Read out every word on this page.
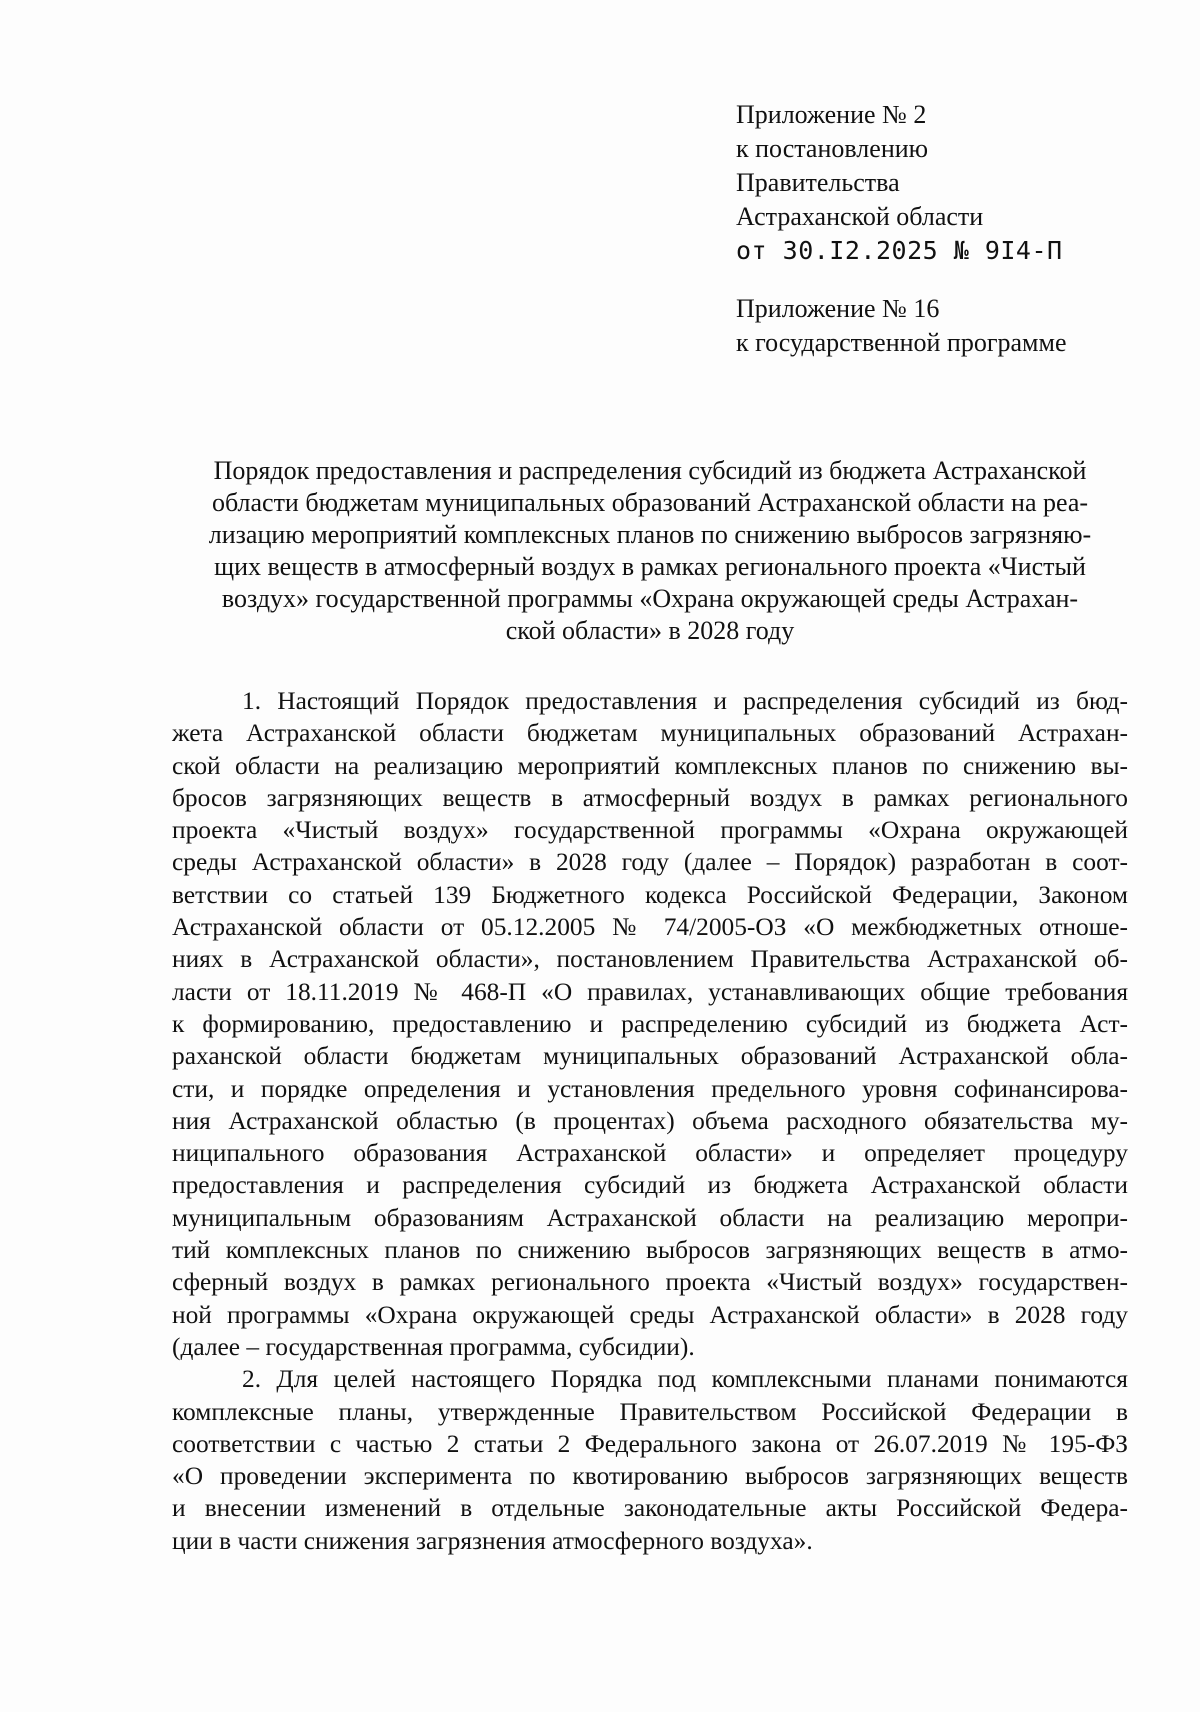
Приложение № 2
к постановлению
Правительства
Астраханской области
от 30.I2.2025 № 9I4-П
Приложение № 16
к государственной программе
Порядок предоставления и распределения субсидий из бюджета Астраханской
области бюджетам муниципальных образований Астраханской области на реа-
лизацию мероприятий комплексных планов по снижению выбросов загрязняю-
щих веществ в атмосферный воздух в рамках регионального проекта «Чистый
воздух» государственной программы «Охрана окружающей среды Астрахан-
ской области» в 2028 году
1. Настоящий Порядок предоставления и распределения субсидий из бюд-
жета Астраханской области бюджетам муниципальных образований Астрахан-
ской области на реализацию мероприятий комплексных планов по снижению вы-
бросов загрязняющих веществ в атмосферный воздух в рамках регионального
проекта «Чистый воздух» государственной программы «Охрана окружающей
среды Астраханской области» в 2028 году (далее – Порядок) разработан в соот-
ветствии со статьей 139 Бюджетного кодекса Российской Федерации, Законом
Астраханской области от 05.12.2005 № 74/2005-ОЗ «О межбюджетных отноше-
ниях в Астраханской области», постановлением Правительства Астраханской об-
ласти от 18.11.2019 № 468-П «О правилах, устанавливающих общие требования
к формированию, предоставлению и распределению субсидий из бюджета Аст-
раханской области бюджетам муниципальных образований Астраханской обла-
сти, и порядке определения и установления предельного уровня софинансирова-
ния Астраханской областью (в процентах) объема расходного обязательства му-
ниципального образования Астраханской области» и определяет процедуру
предоставления и распределения субсидий из бюджета Астраханской области
муниципальным образованиям Астраханской области на реализацию меропри-
тий комплексных планов по снижению выбросов загрязняющих веществ в атмо-
сферный воздух в рамках регионального проекта «Чистый воздух» государствен-
ной программы «Охрана окружающей среды Астраханской области» в 2028 году
(далее – государственная программа, субсидии).
2. Для целей настоящего Порядка под комплексными планами понимаются
комплексные планы, утвержденные Правительством Российской Федерации в
соответствии с частью 2 статьи 2 Федерального закона от 26.07.2019 № 195-ФЗ
«О проведении эксперимента по квотированию выбросов загрязняющих веществ
и внесении изменений в отдельные законодательные акты Российской Федера-
ции в части снижения загрязнения атмосферного воздуха».
